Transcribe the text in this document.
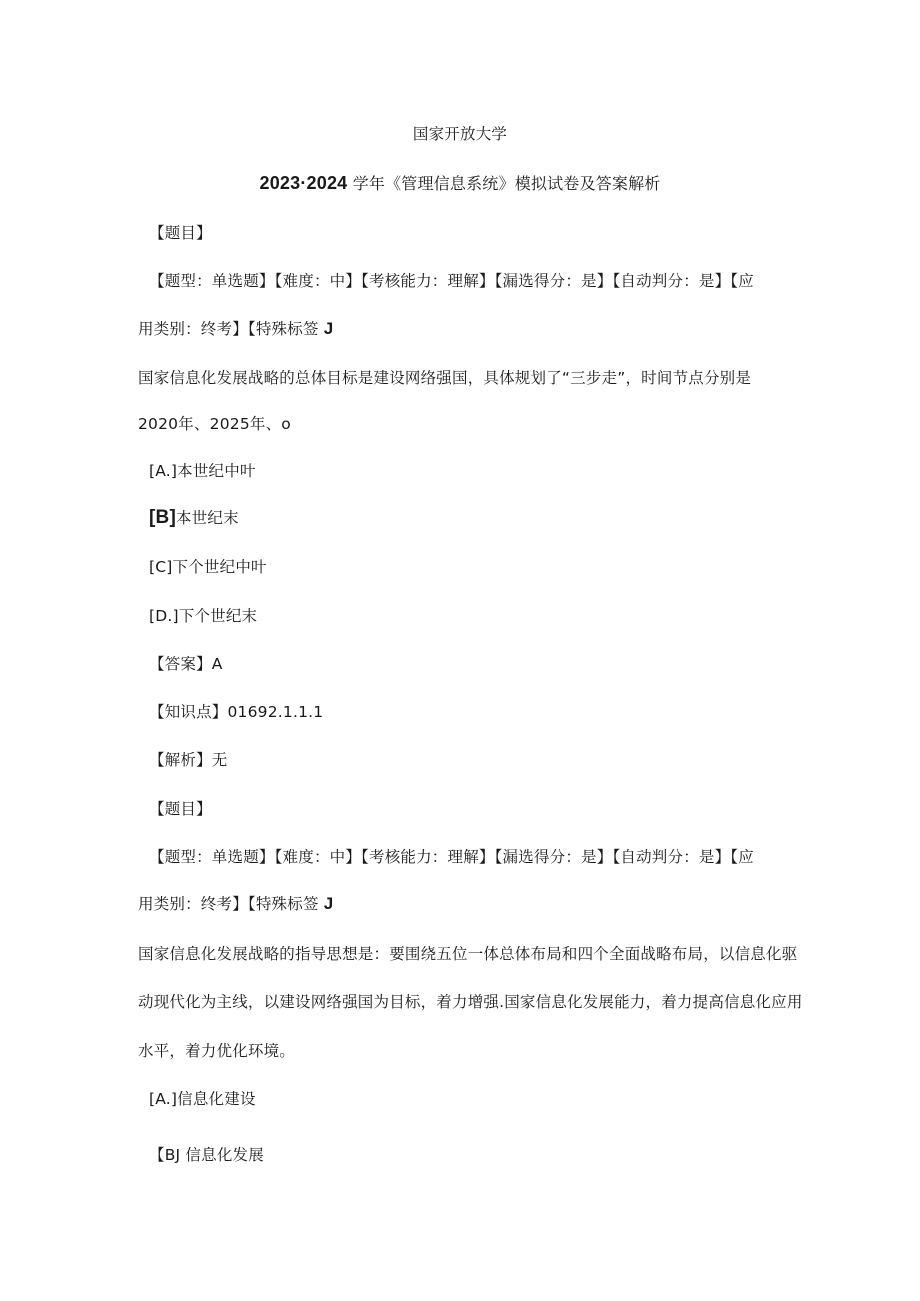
国家开放大学
2023·2024 学年《管理信息系统》模拟试卷及答案解析
【题目】
【题型：单选题】【难度：中】【考核能力：理解】【漏选得分：是】【自动判分：是】【应
用类别：终考】【特殊标签 J
国家信息化发展战略的总体目标是建设网络强国，具体规划了“三步走”，时间节点分别是
2020年、2025年、o
[A.]本世纪中叶
[B]本世纪末
[C]下个世纪中叶
[D.]下个世纪末
【答案】A
【知识点】01692.1.1.1
【解析】无
【题目】
【题型：单选题】【难度：中】【考核能力：理解】【漏选得分：是】【自动判分：是】【应
用类别：终考】【特殊标签 J
国家信息化发展战略的指导思想是：要围绕五位一体总体布局和四个全面战略布局，以信息化驱
动现代化为主线，以建设网络强国为目标，着力增强.国家信息化发展能力，着力提高信息化应用
水平，着力优化环境。
[A.]信息化建设
【BJ 信息化发展
